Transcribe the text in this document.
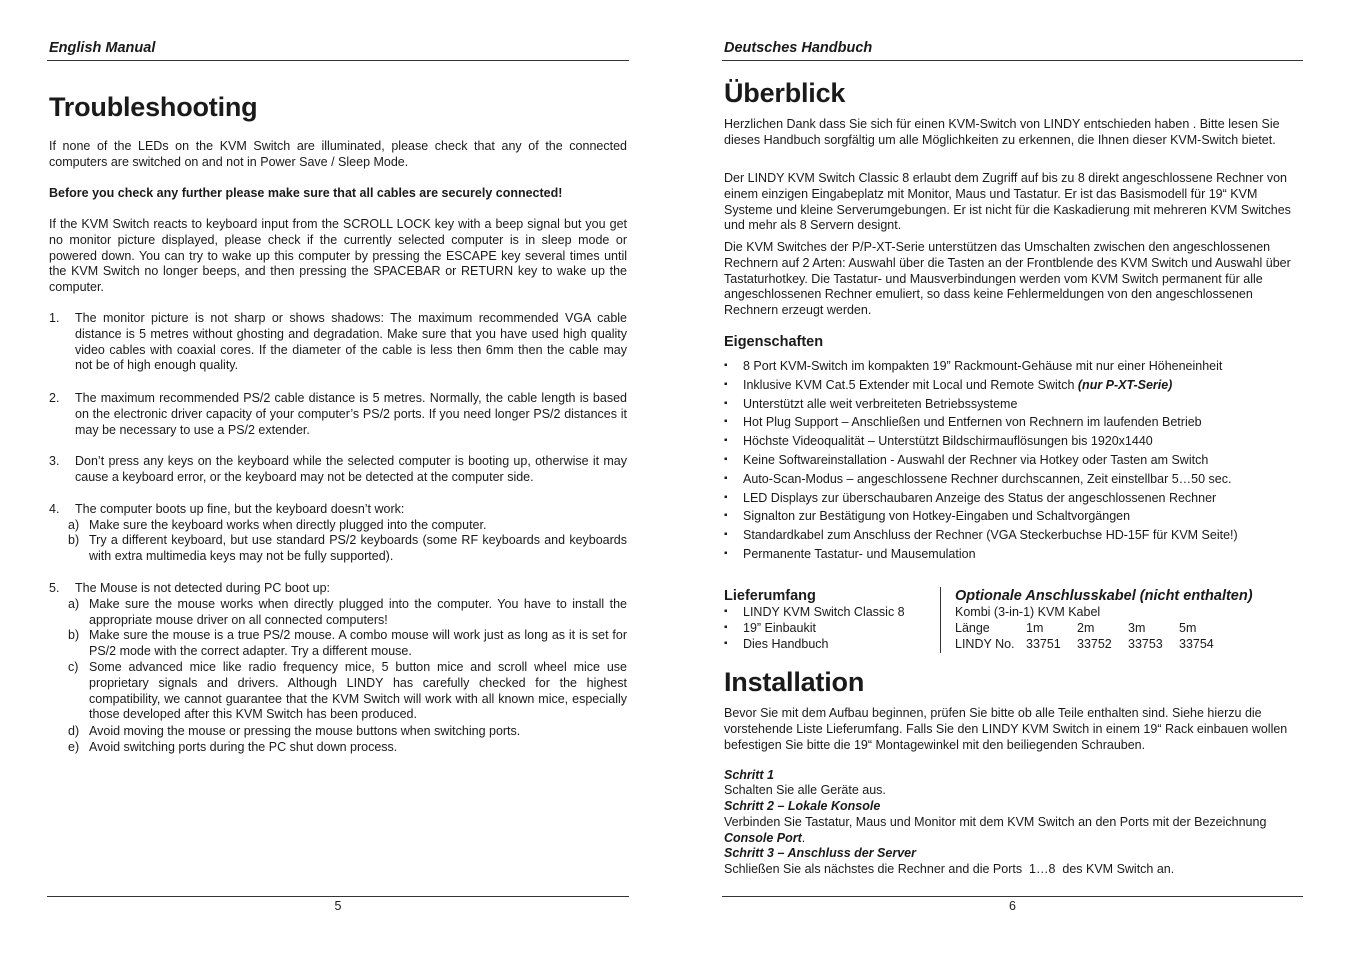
English Manual
Troubleshooting

If none of the LEDs on the KVM Switch are illuminated, please check that any of the connected computers are switched on and not in Power Save / Sleep Mode.

Before you check any further please make sure that all cables are securely connected!

If the KVM Switch reacts to keyboard input from the SCROLL LOCK key with a beep signal but you get no monitor picture displayed, please check if the currently selected computer is in sleep mode or powered down. You can try to wake up this computer by pressing the ESCAPE key several times until the KVM Switch no longer beeps, and then pressing the SPACEBAR or RETURN key to wake up the computer.

1. The monitor picture is not sharp or shows shadows: The maximum recommended VGA cable distance is 5 metres without ghosting and degradation. Make sure that you have used high quality video cables with coaxial cores. If the diameter of the cable is less then 6mm then the cable may not be of high enough quality.

2. The maximum recommended PS/2 cable distance is 5 metres. Normally, the cable length is based on the electronic driver capacity of your computer’s PS/2 ports. If you need longer PS/2 distances it may be necessary to use a PS/2 extender.

3. Don’t press any keys on the keyboard while the selected computer is booting up, otherwise it may cause a keyboard error, or the keyboard may not be detected at the computer side.

4. The computer boots up fine, but the keyboard doesn’t work:

a) Make sure the keyboard works when directly plugged into the computer.

b) Try a different keyboard, but use standard PS/2 keyboards (some RF keyboards and keyboards with extra multimedia keys may not be fully supported).

5. The Mouse is not detected during PC boot up:

a) Make sure the mouse works when directly plugged into the computer. You have to install the appropriate mouse driver on all connected computers!

b) Make sure the mouse is a true PS/2 mouse. A combo mouse will work just as long as it is set for PS/2 mode with the correct adapter. Try a different mouse.

c) Some advanced mice like radio frequency mice, 5 button mice and scroll wheel mice use proprietary signals and drivers. Although LINDY has carefully checked for the highest compatibility, we cannot guarantee that the KVM Switch will work with all known mice, especially those developed after this KVM Switch has been produced.

d) Avoid moving the mouse or pressing the mouse buttons when switching ports.

e) Avoid switching ports during the PC shut down process.

5
Deutsches Handbuch
Überblick

Herzlichen Dank dass Sie sich für einen KVM-Switch von LINDY entschieden haben . Bitte lesen Sie dieses Handbuch sorgfältig um alle Möglichkeiten zu erkennen, die Ihnen dieser KVM-Switch bietet.

Der LINDY KVM Switch Classic 8 erlaubt dem Zugriff auf bis zu 8 direkt angeschlossene Rechner von einem einzigen Eingabeplatz mit Monitor, Maus und Tastatur. Er ist das Basismodell für 19“ KVM Systeme und kleine Serverumgebungen. Er ist nicht für die Kaskadierung mit mehreren KVM Switches und mehr als 8 Servern designt.

Die KVM Switches der P/P-XT-Serie unterstützen das Umschalten zwischen den angeschlossenen Rechnern auf 2 Arten: Auswahl über die Tasten an der Frontblende des KVM Switch und Auswahl über Tastaturhotkey. Die Tastatur- und Mausverbindungen werden vom KVM Switch permanent für alle angeschlossenen Rechner emuliert, so dass keine Fehlermeldungen von den angeschlossenen Rechnern erzeugt werden.

Eigenschaften
▪ 8 Port KVM-Switch im kompakten 19” Rackmount-Gehäuse mit nur einer Höheneinheit
▪ Inklusive KVM Cat.5 Extender mit Local und Remote Switch (nur P-XT-Serie)
▪ Unterstützt alle weit verbreiteten Betriebssysteme
▪ Hot Plug Support – Anschließen und Entfernen von Rechnern im laufenden Betrieb
▪ Höchste Videoqualität – Unterstützt Bildschirmauflösungen bis 1920x1440
▪ Keine Softwareinstallation - Auswahl der Rechner via Hotkey oder Tasten am Switch
▪ Auto-Scan-Modus – angeschlossene Rechner durchscannen, Zeit einstellbar 5…50 sec.
▪ LED Displays zur überschaubaren Anzeige des Status der angeschlossenen Rechner
▪ Signalton zur Bestätigung von Hotkey-Eingaben und Schaltvorgängen
▪ Standardkabel zum Anschluss der Rechner (VGA Steckerbuchse HD-15F für KVM Seite!)
▪ Permanente Tastatur- und Mausemulation
Lieferumfang
▪ LINDY KVM Switch Classic 8
▪ 19” Einbaukit
▪ Dies Handbuch
Optionale Anschlusskabel (nicht enthalten)
Kombi (3-in-1) KVM Kabel
Länge	1m	2m	3m	5m
LINDY No. 33751 33752 33753 33754
Installation

Bevor Sie mit dem Aufbau beginnen, prüfen Sie bitte ob alle Teile enthalten sind. Siehe hierzu die vorstehende Liste Lieferumfang. Falls Sie den LINDY KVM Switch in einem 19“ Rack einbauen wollen befestigen Sie bitte die 19“ Montagewinkel mit den beiliegenden Schrauben.

Schritt 1
Schalten Sie alle Geräte aus.
Schritt 2 – Lokale Konsole

Verbinden Sie Tastatur, Maus und Monitor mit dem KVM Switch an den Ports mit der Bezeichnung Console Port.

Schritt 3 – Anschluss der Server
Schließen Sie als nächstes die Rechner and die Ports  1…8  des KVM Switch an.
6
